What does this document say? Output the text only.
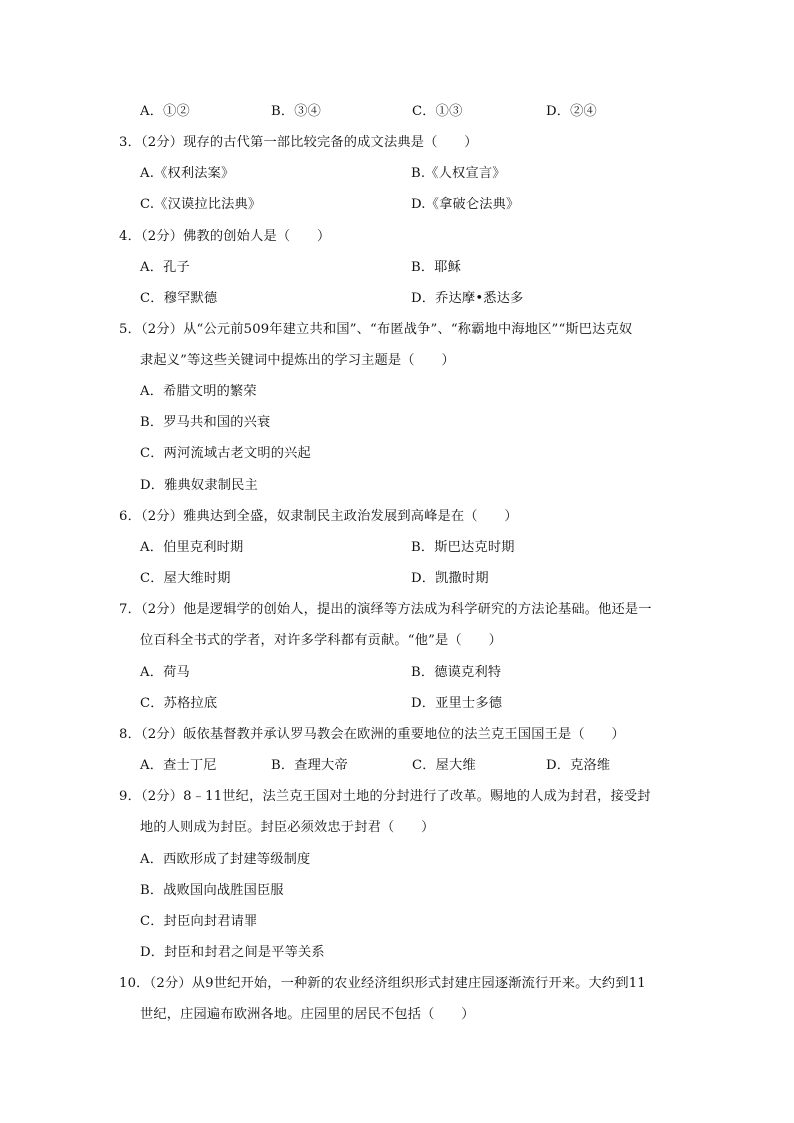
A．①②	B．③④	C．①③	D．②④
3．（2分）现存的古代第一部比较完备的成文法典是（　　）
A.《权利法案》	B.《人权宣言》
C.《汉谟拉比法典》	D.《拿破仑法典》
4．（2分）佛教的创始人是（　　）
A．孔子	B．耶稣
C．穆罕默德	D．乔达摩•悉达多
5．（2分）从“公元前509年建立共和国”、“布匿战争”、“称霸地中海地区”“斯巴达克奴
隶起义”等这些关键词中提炼出的学习主题是（　　）
A．希腊文明的繁荣
B．罗马共和国的兴衰
C．两河流域古老文明的兴起
D．雅典奴隶制民主
6．（2分）雅典达到全盛，奴隶制民主政治发展到高峰是在（　　）
A．伯里克利时期	B．斯巴达克时期
C．屋大维时期	D．凯撒时期
7．（2分）他是逻辑学的创始人，提出的演绎等方法成为科学研究的方法论基础。他还是一
位百科全书式的学者，对许多学科都有贡献。“他”是（　　）
A．荷马	B．德谟克利特
C．苏格拉底	D．亚里士多德
8．（2分）皈依基督教并承认罗马教会在欧洲的重要地位的法兰克王国国王是（　　）
A．查士丁尼	B．查理大帝	C．屋大维	D．克洛维
9．（2分）8﹣11世纪，法兰克王国对土地的分封进行了改革。赐地的人成为封君，接受封
地的人则成为封臣。封臣必须效忠于封君（　　）
A．西欧形成了封建等级制度
B．战败国向战胜国臣服
C．封臣向封君请罪
D．封臣和封君之间是平等关系
10．（2分）从9世纪开始，一种新的农业经济组织形式封建庄园逐渐流行开来。大约到11
世纪，庄园遍布欧洲各地。庄园里的居民不包括（　　）
